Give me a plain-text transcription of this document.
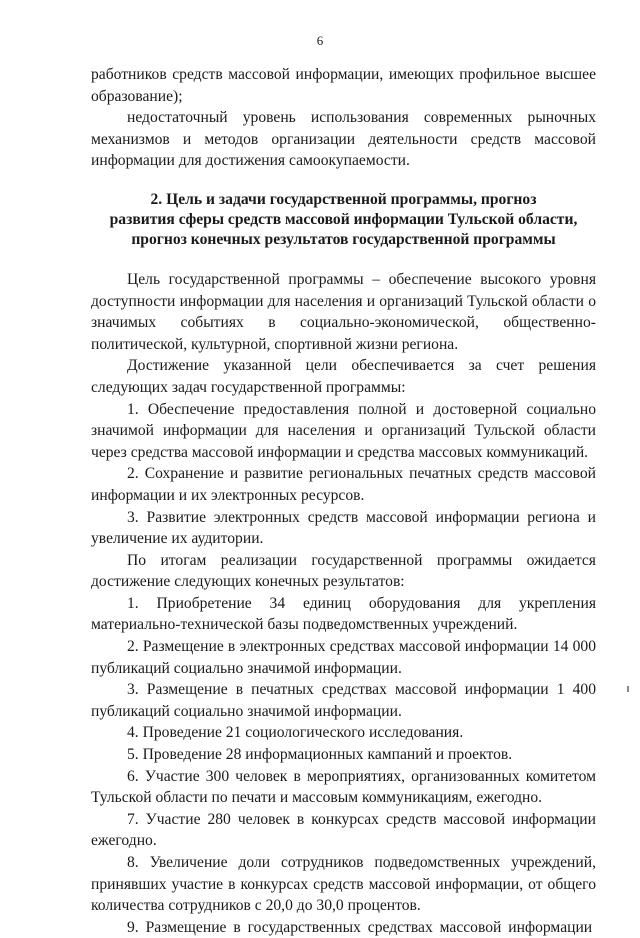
6

работников средств массовой информации, имеющих профильное высшее образование);

недостаточный уровень использования современных рыночных механизмов и методов организации деятельности средств массовой информации для достижения самоокупаемости.

2. Цель и задачи государственной программы, прогноз
развития сферы средств массовой информации Тульской области,
прогноз конечных результатов государственной программы

Цель государственной программы – обеспечение высокого уровня доступности информации для населения и организаций Тульской области о значимых событиях в социально-экономической, общественно-политической, культурной, спортивной жизни региона.

Достижение указанной цели обеспечивается за счет решения следующих задач государственной программы:

1. Обеспечение предоставления полной и достоверной социально значимой информации для населения и организаций Тульской области через средства массовой информации и средства массовых коммуникаций.

2. Сохранение и развитие региональных печатных средств массовой информации и их электронных ресурсов.

3. Развитие электронных средств массовой информации региона и увеличение их аудитории.

По итогам реализации государственной программы ожидается достижение следующих конечных результатов:

1. Приобретение 34 единиц оборудования для укрепления материально-технической базы подведомственных учреждений.

2. Размещение в электронных средствах массовой информации 14 000 публикаций социально значимой информации.

3. Размещение в печатных средствах массовой информации 1 400 публикаций социально значимой информации.

4. Проведение 21 социологического исследования.

5. Проведение 28 информационных кампаний и проектов.

6. Участие 300 человек в мероприятиях, организованных комитетом Тульской области по печати и массовым коммуникациям, ежегодно.

7. Участие 280 человек в конкурсах средств массовой информации ежегодно.

8. Увеличение доли сотрудников подведомственных учреждений, принявших участие в конкурсах средств массовой информации, от общего количества сотрудников с 20,0 до 30,0 процентов.

9. Размещение в государственных средствах массовой информации
